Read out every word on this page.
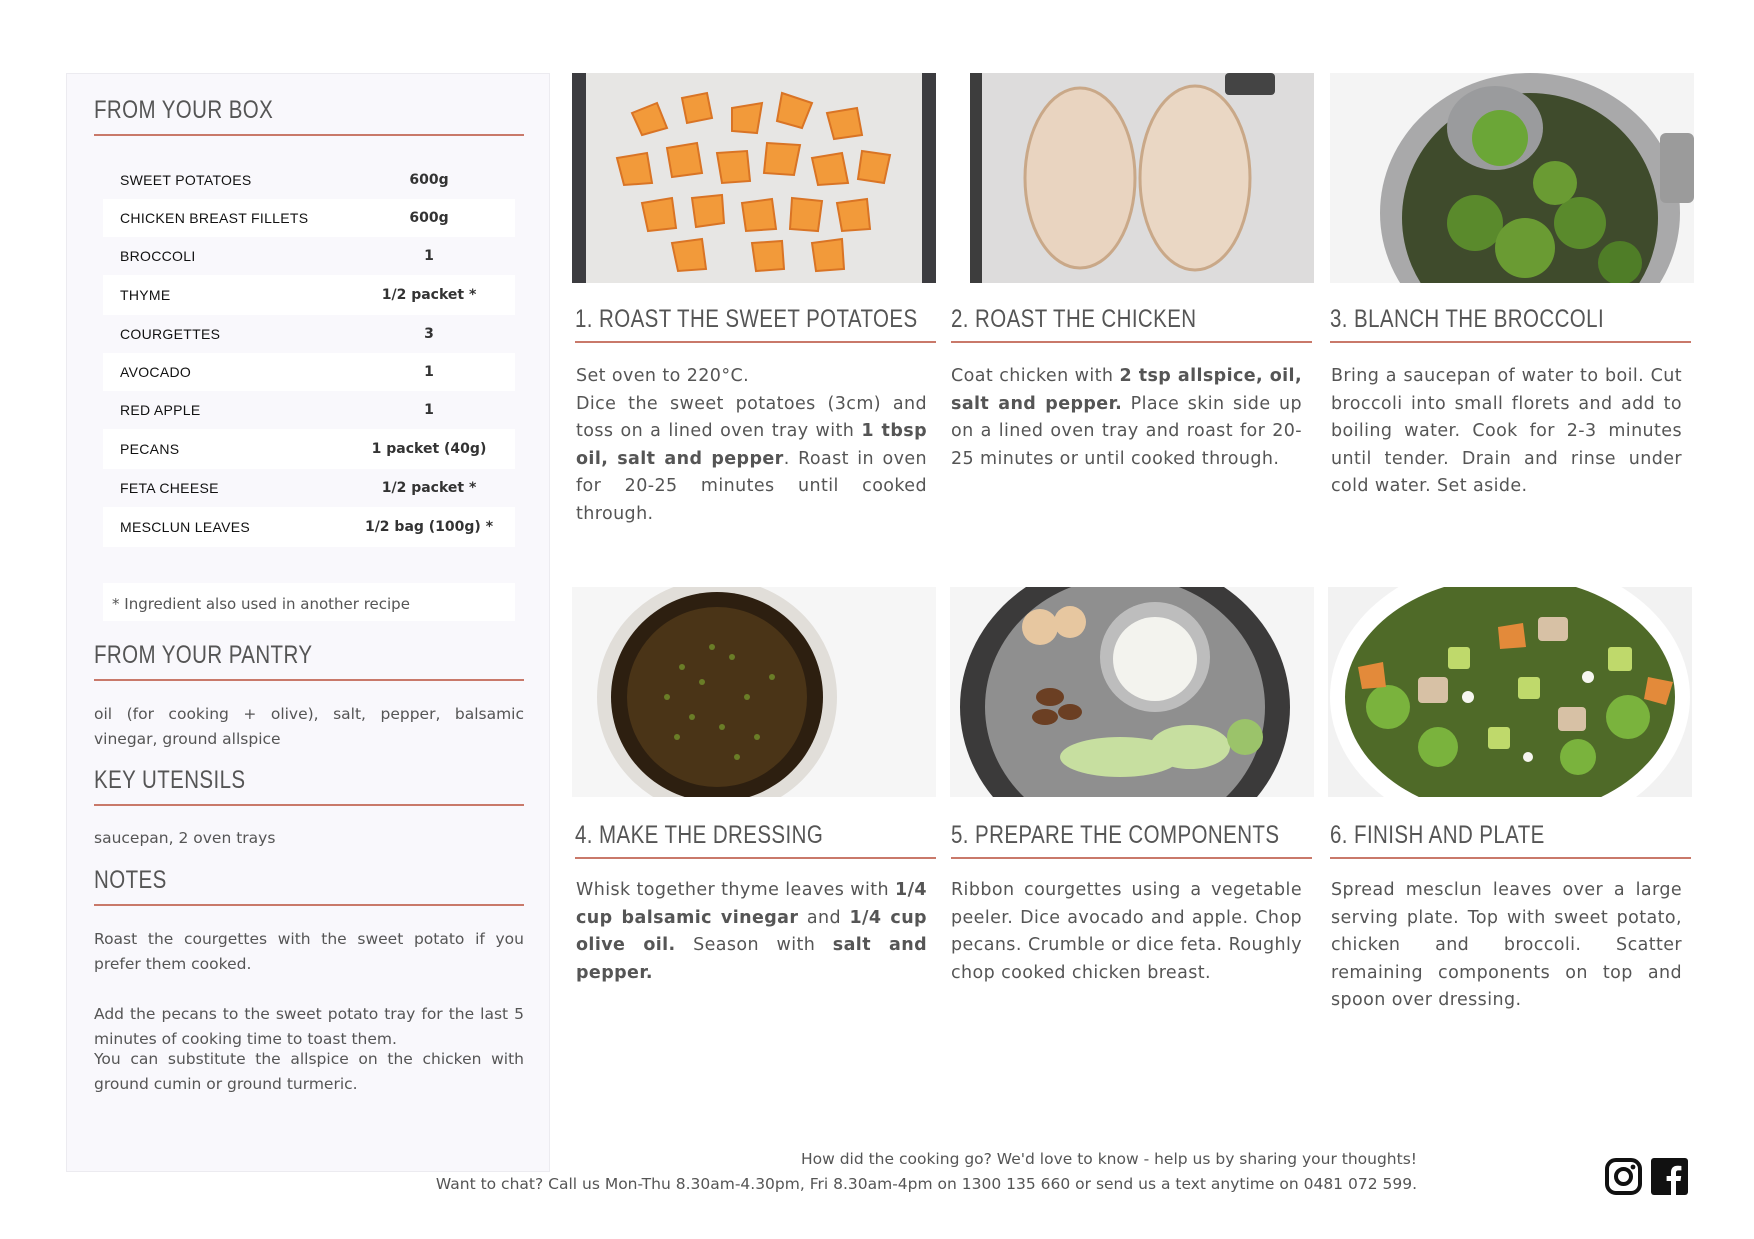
FROM YOUR BOX
SWEET POTATOES	600g
CHICKEN BREAST FILLETS	600g
BROCCOLI	1
THYME	1/2 packet *
COURGETTES	3
AVOCADO	1
RED APPLE	1
PECANS	1 packet (40g)
FETA CHEESE	1/2 packet *
MESCLUN LEAVES	1/2 bag (100g) *
* Ingredient also used in another recipe
FROM YOUR PANTRY
oil (for cooking + olive), salt, pepper, balsamic vinegar, ground allspice
KEY UTENSILS
saucepan, 2 oven trays
NOTES
Roast the courgettes with the sweet potato if you prefer them cooked.
Add the pecans to the sweet potato tray for the last 5 minutes of cooking time to toast them.
You can substitute the allspice on the chicken with ground cumin or ground turmeric.
1. ROAST THE SWEET POTATOES
Set oven to 220°C.
Dice the sweet potatoes (3cm) and toss on a lined oven tray with 1 tbsp oil, salt and pepper. Roast in oven for 20-25 minutes until cooked through.
2. ROAST THE CHICKEN
Coat chicken with 2 tsp allspice, oil, salt and pepper. Place skin side up on a lined oven tray and roast for 20-25 minutes or until cooked through.
3. BLANCH THE BROCCOLI
Bring a saucepan of water to boil. Cut broccoli into small florets and add to boiling water. Cook for 2-3 minutes until tender. Drain and rinse under cold water. Set aside.
4. MAKE THE DRESSING
Whisk together thyme leaves with 1/4 cup balsamic vinegar and 1/4 cup olive oil. Season with salt and pepper.
5. PREPARE THE COMPONENTS
Ribbon courgettes using a vegetable peeler. Dice avocado and apple. Chop pecans. Crumble or dice feta. Roughly chop cooked chicken breast.
6. FINISH AND PLATE
Spread mesclun leaves over a large serving plate. Top with sweet potato, chicken and broccoli. Scatter remaining components on top and spoon over dressing.
How did the cooking go? We'd love to know - help us by sharing your thoughts!
Want to chat? Call us Mon-Thu 8.30am-4.30pm, Fri 8.30am-4pm on 1300 135 660 or send us a text anytime on 0481 072 599.
